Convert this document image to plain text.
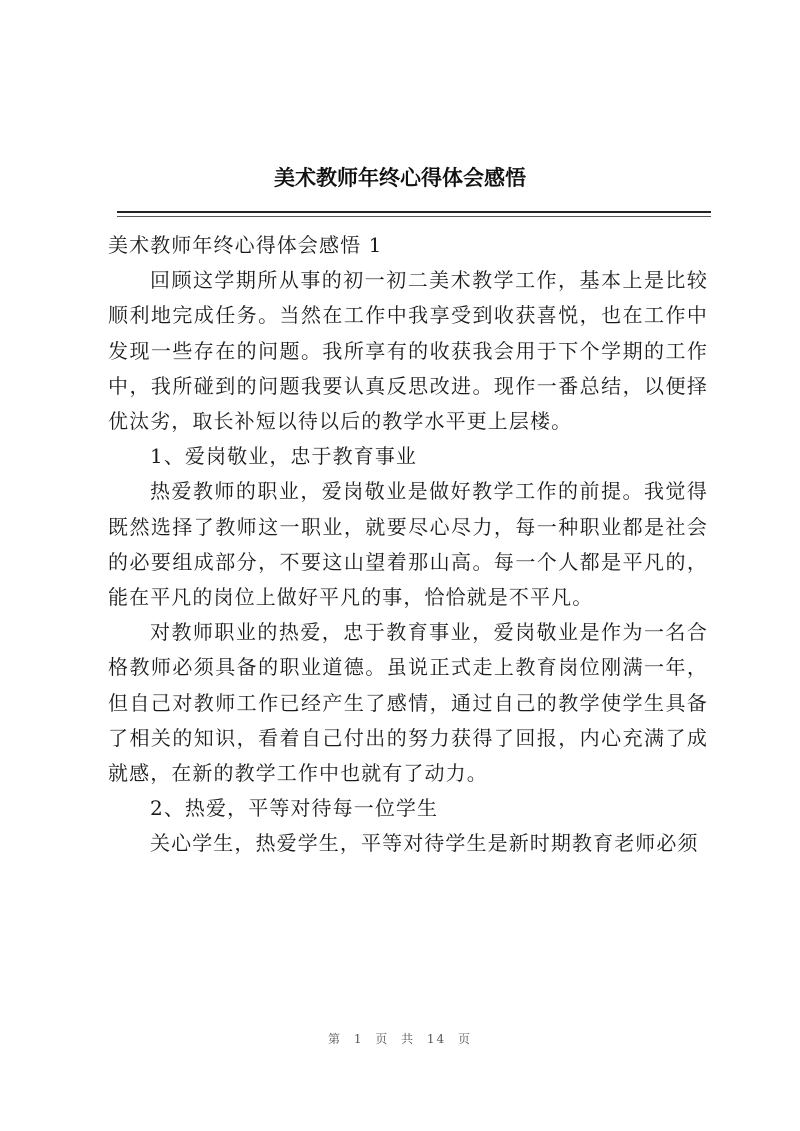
美术教师年终心得体会感悟

美术教师年终心得体会感悟 1

回顾这学期所从事的初一初二美术教学工作，基本上是比较顺利地完成任务。当然在工作中我享受到收获喜悦，也在工作中发现一些存在的问题。我所享有的收获我会用于下个学期的工作中，我所碰到的问题我要认真反思改进。现作一番总结，以便择优汰劣，取长补短以待以后的教学水平更上层楼。

1、爱岗敬业，忠于教育事业

热爱教师的职业，爱岗敬业是做好教学工作的前提。我觉得既然选择了教师这一职业，就要尽心尽力，每一种职业都是社会的必要组成部分，不要这山望着那山高。每一个人都是平凡的，能在平凡的岗位上做好平凡的事，恰恰就是不平凡。

对教师职业的热爱，忠于教育事业，爱岗敬业是作为一名合格教师必须具备的职业道德。虽说正式走上教育岗位刚满一年，但自己对教师工作已经产生了感情，通过自己的教学使学生具备了相关的知识，看着自己付出的努力获得了回报，内心充满了成就感，在新的教学工作中也就有了动力。

2、热爱，平等对待每一位学生

关心学生，热爱学生，平等对待学生是新时期教育老师必须

第 1 页 共 14 页
